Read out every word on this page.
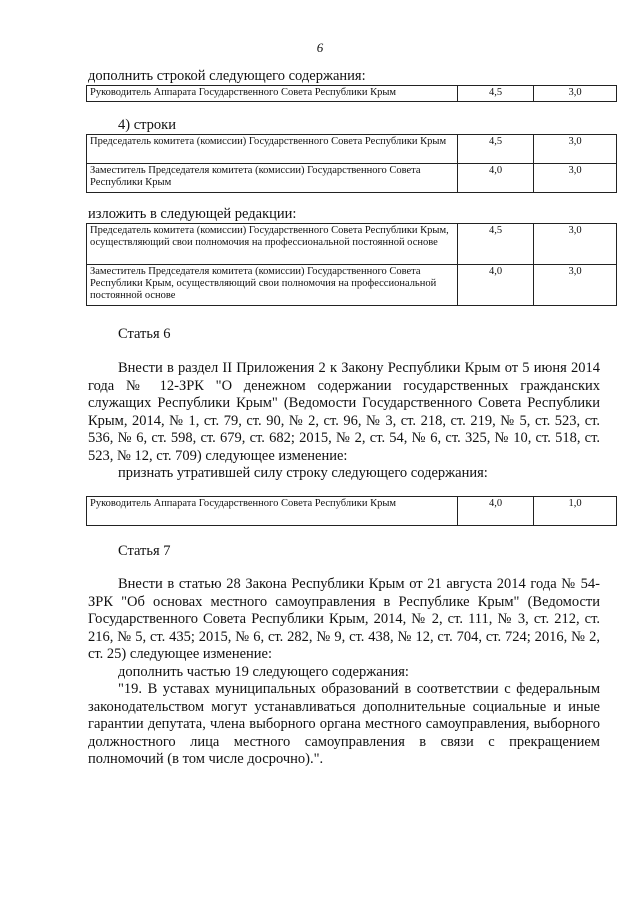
6
дополнить строкой следующего содержания:
Руководитель Аппарата Государственного Совета Республики Крым	4,5	3,0
4) строки
Председатель комитета (комиссии) Государственного Совета Республики Крым	4,5	3,0
Заместитель Председателя комитета (комиссии) Государственного Совета Республики Крым	4,0	3,0
изложить в следующей редакции:
Председатель комитета (комиссии) Государственного Совета Республики Крым, осуществляющий свои полномочия на профессиональной постоянной основе	4,5	3,0
Заместитель Председателя комитета (комиссии) Государственного Совета Республики Крым, осуществляющий свои полномочия на профессиональной постоянной основе	4,0	3,0
Статья 6

Внести в раздел II Приложения 2 к Закону Республики Крым от 5 июня 2014 года № 12-ЗРК "О денежном содержании государственных гражданских служащих Республики Крым" (Ведомости Государственного Совета Республики Крым, 2014, № 1, ст. 79, ст. 90, № 2, ст. 96, № 3, ст. 218, ст. 219, № 5, ст. 523, ст. 536, № 6, ст. 598, ст. 679, ст. 682; 2015, № 2, ст. 54, № 6, ст. 325, № 10, ст. 518, ст. 523, № 12, ст. 709) следующее изменение:

признать утратившей силу строку следующего содержания:

Руководитель Аппарата Государственного Совета Республики Крым	4,0	1,0
Статья 7

Внести в статью 28 Закона Республики Крым от 21 августа 2014 года № 54-ЗРК "Об основах местного самоуправления в Республике Крым" (Ведомости Государственного Совета Республики Крым, 2014, № 2, ст. 111, № 3, ст. 212, ст. 216, № 5, ст. 435; 2015, № 6, ст. 282, № 9, ст. 438, № 12, ст. 704, ст. 724; 2016, № 2, ст. 25) следующее изменение:

дополнить частью 19 следующего содержания:

"19. В уставах муниципальных образований в соответствии с федеральным законодательством могут устанавливаться дополнительные социальные и иные гарантии депутата, члена выборного органа местного самоуправления, выборного должностного лица местного самоуправления в связи с прекращением полномочий (в том числе досрочно).".
